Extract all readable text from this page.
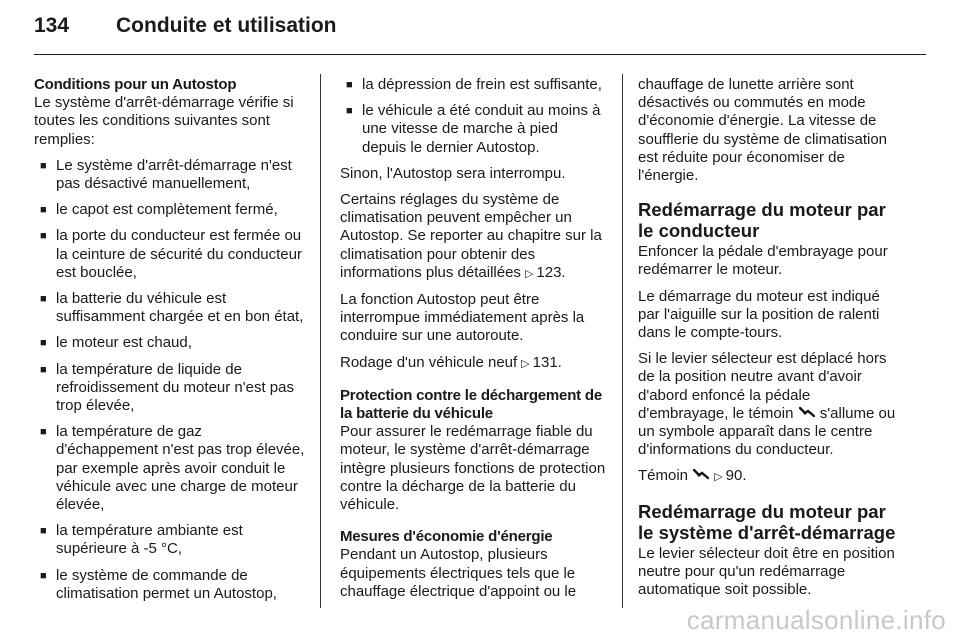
134	Conduite et utilisation
Conditions pour un Autostop

Le système d'arrêt-démarrage vérifie si toutes les conditions suivantes sont remplies:

■ Le système d'arrêt-démarrage n'est pas désactivé manuellement,
■ le capot est complètement fermé,
■ la porte du conducteur est fermée ou la ceinture de sécurité du conducteur est bouclée,
■ la batterie du véhicule est suffisamment chargée et en bon état,
■ le moteur est chaud,
■ la température de liquide de refroidissement du moteur n'est pas trop élevée,
■ la température de gaz d'échappement n'est pas trop élevée, par exemple après avoir conduit le véhicule avec une charge de moteur élevée,
■ la température ambiante est supérieure à -5 °C,
■ le système de commande de climatisation permet un Autostop,
■ la dépression de frein est suffisante,
■ le véhicule a été conduit au moins à une vitesse de marche à pied depuis le dernier Autostop.

Sinon, l'Autostop sera interrompu.

Certains réglages du système de climatisation peuvent empêcher un Autostop. Se reporter au chapitre sur la climatisation pour obtenir des informations plus détaillées ▷ 123.

La fonction Autostop peut être interrompue immédiatement après la conduire sur une autoroute.

Rodage d'un véhicule neuf ▷ 131.

Protection contre le déchargement de la batterie du véhicule

Pour assurer le redémarrage fiable du moteur, le système d'arrêt-démarrage intègre plusieurs fonctions de protection contre la décharge de la batterie du véhicule.

Mesures d'économie d'énergie

Pendant un Autostop, plusieurs équipements électriques tels que le chauffage électrique d'appoint ou le

chauffage de lunette arrière sont désactivés ou commutés en mode d'économie d'énergie. La vitesse de soufflerie du système de climatisation est réduite pour économiser de l'énergie.

Redémarrage du moteur par le conducteur

Enfoncer la pédale d'embrayage pour redémarrer le moteur.

Le démarrage du moteur est indiqué par l'aiguille sur la position de ralenti dans le compte-tours.

Si le levier sélecteur est déplacé hors de la position neutre avant d'avoir d'abord enfoncé la pédale d'embrayage, le témoin s'allume ou un symbole apparaît dans le centre d'informations du conducteur.

Témoin	▷ 90.

Redémarrage du moteur par le système d'arrêt-démarrage

Le levier sélecteur doit être en position neutre pour qu'un redémarrage automatique soit possible.

carmanualsonline.info
